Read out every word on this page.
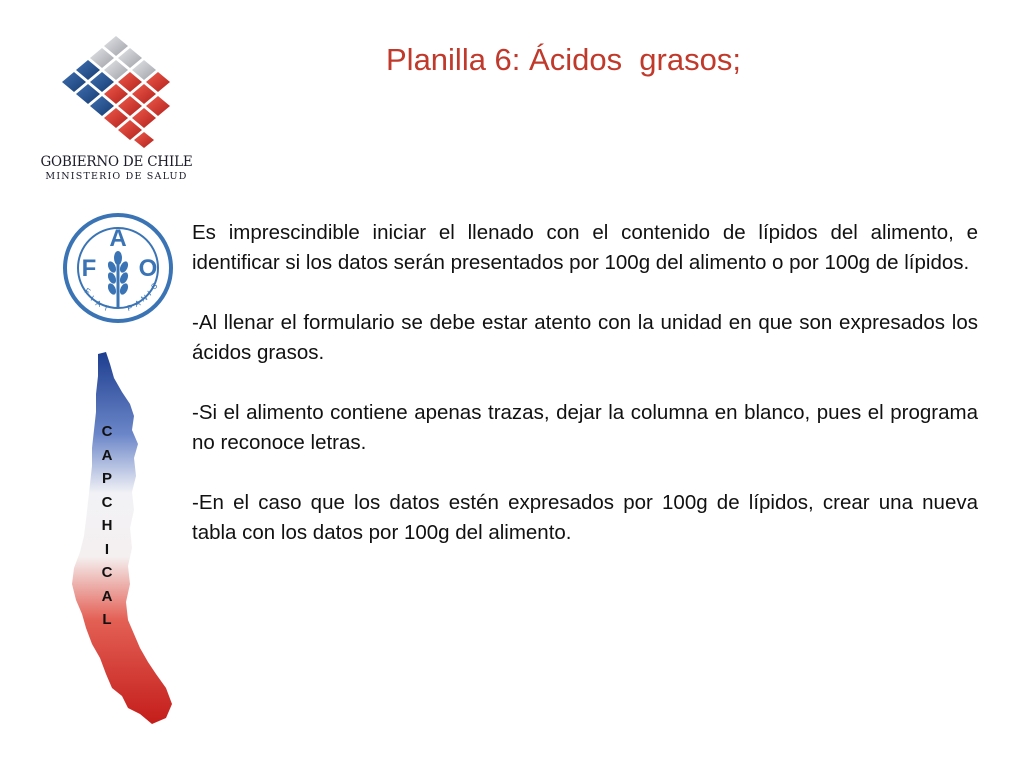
GOBIERNO DE CHILE
MINISTERIO DE SALUD
Planilla 6: Ácidos  grasos;
A
F O
F
I
A T P A
N
I
S
C
A
P
C
H
I
C
A
L

Es imprescindible iniciar el llenado con el contenido de lípidos del alimento, e identificar si los datos serán presentados por 100g del alimento o por 100g de lípidos.

-Al llenar el formulario se debe estar atento con la unidad en que son expresados los ácidos grasos.

-Si el alimento contiene apenas trazas, dejar la columna en blanco, pues el programa no reconoce letras.

-En el caso que los datos estén expresados por 100g de lípidos, crear una nueva tabla con los datos por 100g del alimento.
